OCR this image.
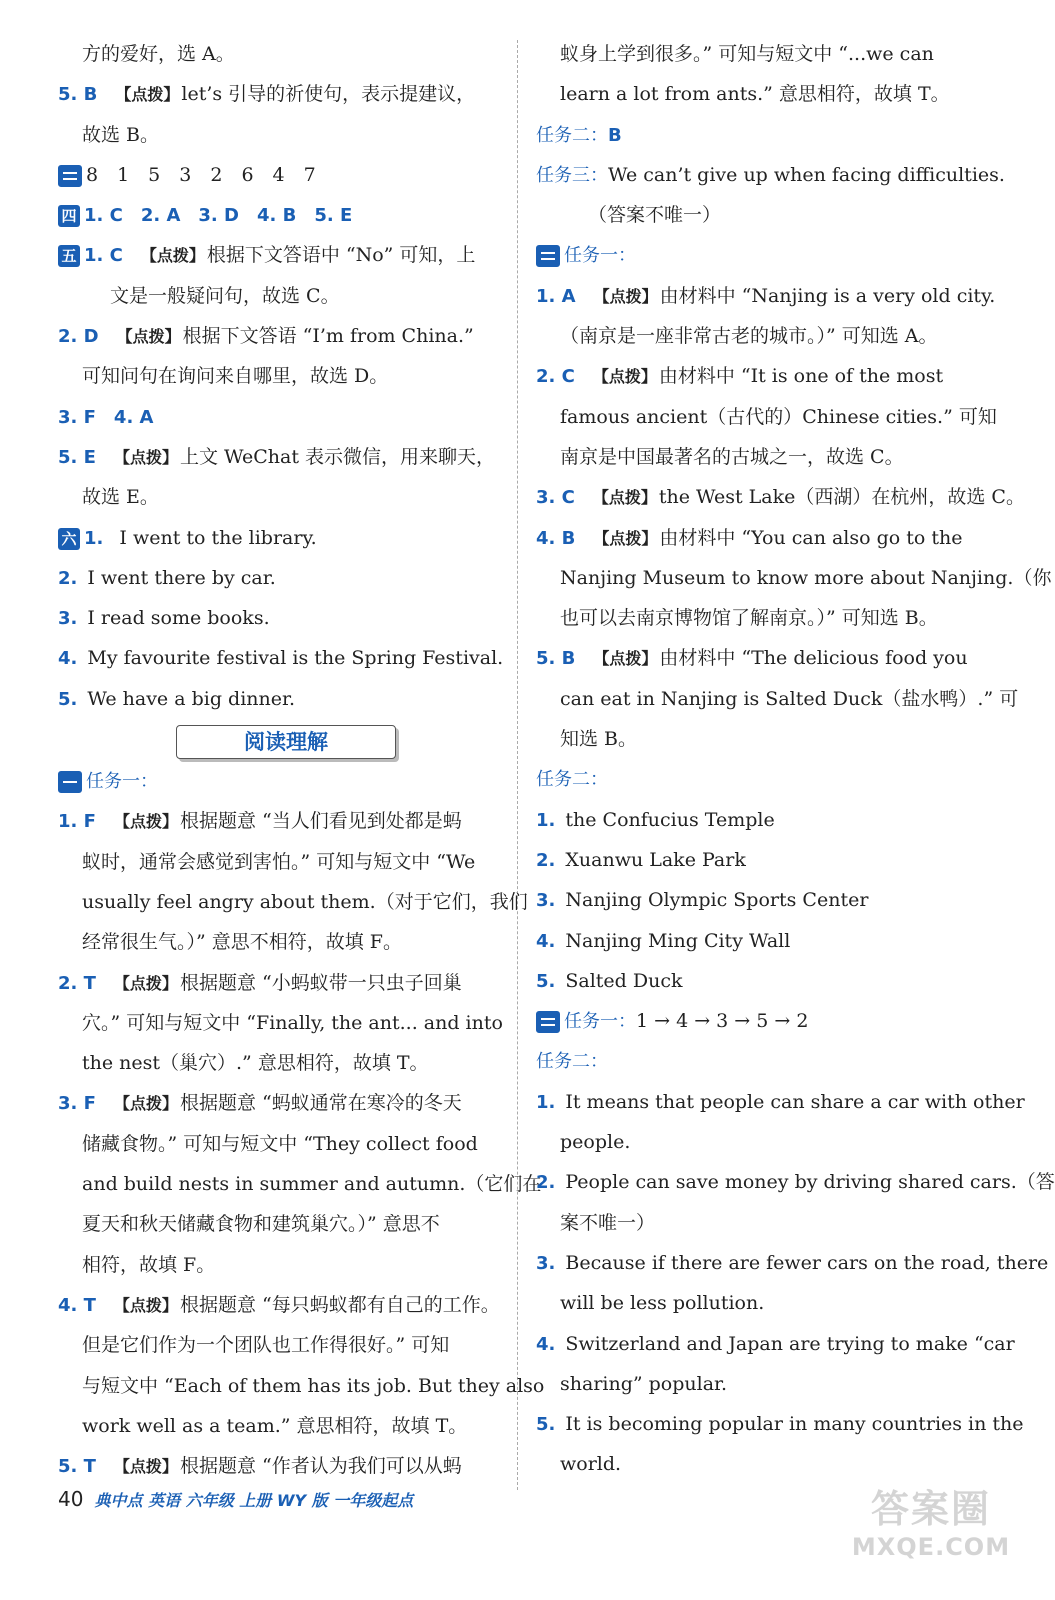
方的爱好，选 A。
5. B 【点拨】 let’s 引导的祈使句，表示提建议，
故选 B。
8　1　5　3　2　6　4　7
四 1. C　2. A　3. D　4. B　5. E
五 1. C 【点拨】 根据下文答语中 “No” 可知，上
文是一般疑问句，故选 C。
2. D 【点拨】 根据下文答语 “I’m from China.”
可知问句在询问来自哪里，故选 D。
3. F　4. A
5. E 【点拨】 上文 WeChat 表示微信，用来聊天，
故选 E。
六 1. I went to the library.
2. I went there by car.
3. I read some books.
4. My favourite festival is the Spring Festival.
5. We have a big dinner.
阅读理解
任务一：
1. F 【点拨】 根据题意 “当人们看见到处都是蚂
蚁时，通常会感觉到害怕。” 可知与短文中 “We
usually feel angry about them.（对于它们，我们
经常很生气。）” 意思不相符，故填 F。
2. T 【点拨】 根据题意 “小蚂蚁带一只虫子回巢
穴。” 可知与短文中 “Finally, the ant... and into
the nest（巢穴）.” 意思相符，故填 T。
3. F 【点拨】 根据题意 “蚂蚁通常在寒冷的冬天
储藏食物。” 可知与短文中 “They collect food
and build nests in summer and autumn.（它们在
夏天和秋天储藏食物和建筑巢穴。）” 意思不
相符，故填 F。
4. T 【点拨】 根据题意 “每只蚂蚁都有自己的工作。
但是它们作为一个团队也工作得很好。” 可知
与短文中 “Each of them has its job. But they also
work well as a team.” 意思相符，故填 T。
5. T 【点拨】 根据题意 “作者认为我们可以从蚂
蚁身上学到很多。” 可知与短文中 “...we can
learn a lot from ants.” 意思相符，故填 T。
任务二：B
任务三：We can’t give up when facing difficulties.
（答案不唯一）
任务一：
1. A 【点拨】 由材料中 “Nanjing is a very old city.
（南京是一座非常古老的城市。）” 可知选 A。
2. C 【点拨】 由材料中 “It is one of the most
famous ancient（古代的）Chinese cities.” 可知
南京是中国最著名的古城之一，故选 C。
3. C 【点拨】 the West Lake（西湖）在杭州，故选 C。
4. B 【点拨】 由材料中 “You can also go to the
Nanjing Museum to know more about Nanjing.（你
也可以去南京博物馆了解南京。）” 可知选 B。
5. B 【点拨】 由材料中 “The delicious food you
can eat in Nanjing is Salted Duck（盐水鸭）.” 可
知选 B。
任务二：
1. the Confucius Temple
2. Xuanwu Lake Park
3. Nanjing Olympic Sports Center
4. Nanjing Ming City Wall
5. Salted Duck
任务一：1 → 4 → 3 → 5 → 2
任务二：
1. It means that people can share a car with other
people.
2. People can save money by driving shared cars.（答
案不唯一）
3. Because if there are fewer cars on the road, there
will be less pollution.
4. Switzerland and Japan are trying to make “car
sharing” popular.
5. It is becoming popular in many countries in the
world.
40 典中点 英语 六年级 上册 WY 版 一年级起点	答案圈
MXQE.COM
